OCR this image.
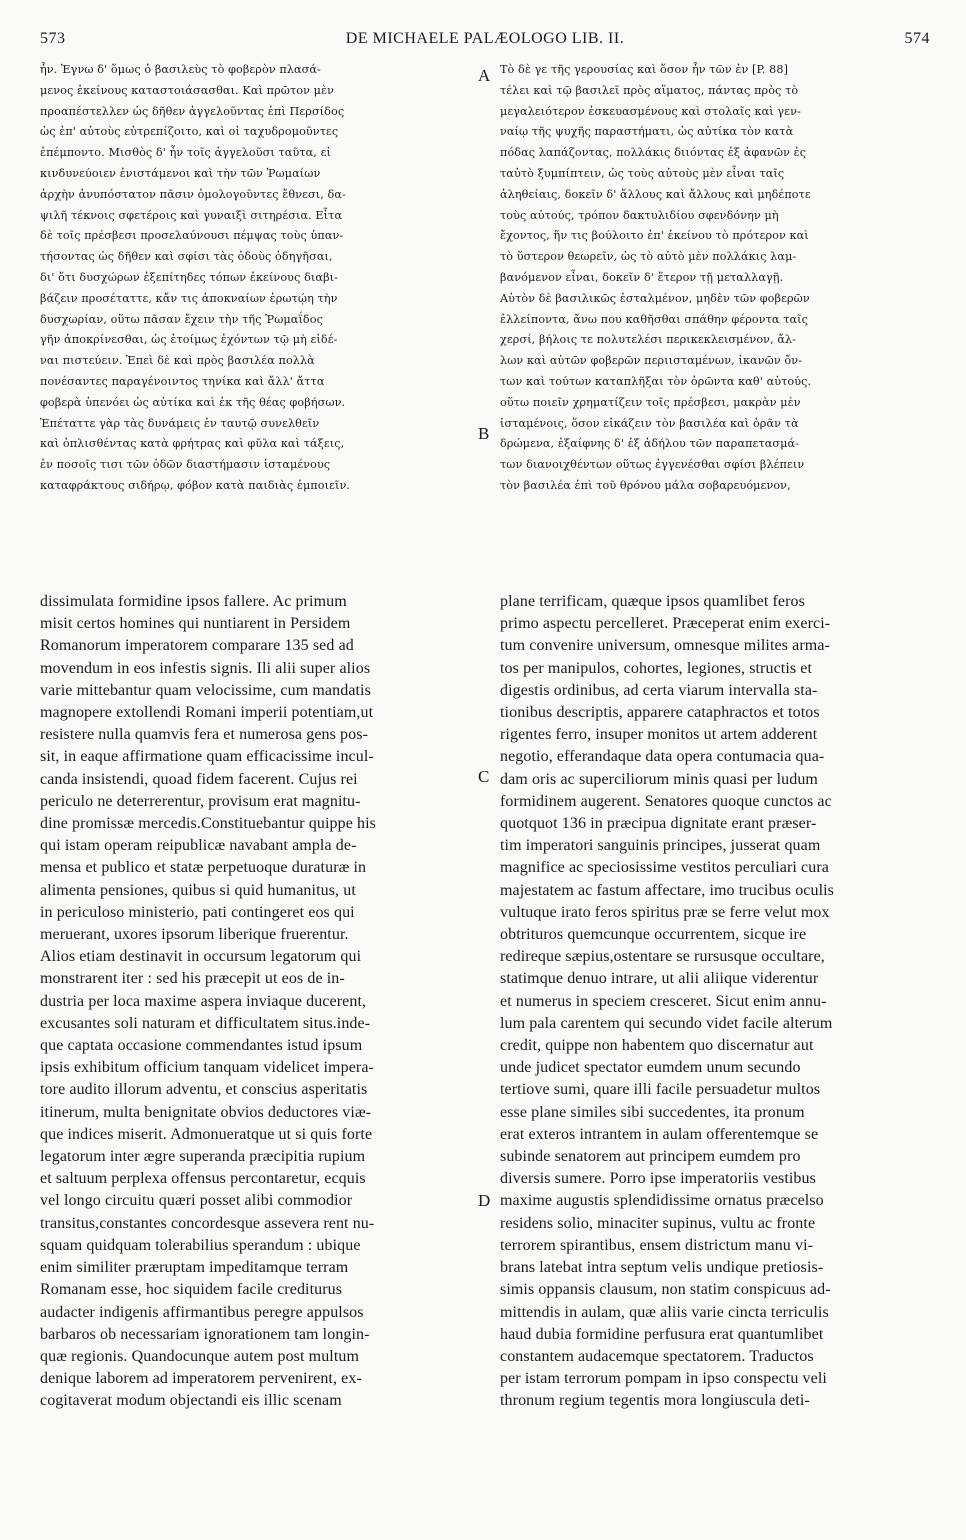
573	DE MICHAELE PALÆOLOGO LIB. II.	574
ἦν. Ἐγνω δ' ὅμως ὁ βασιλεὺς τὸ φοβερὸν πλασά-
μενος ἐκείνους καταστοιάσασθαι. Καὶ πρῶτον μὲν
προαπέστελλεν ὡς δῆθεν ἀγγελοῦντας ἐπὶ Περσίδος
ὡς ἐπ' αὐτοὺς εὐτρεπίζοιτο, καὶ οἱ ταχυδρομοῦντες
ἐπέμποντο. Μισθὸς δ' ἦν τοῖς ἀγγελοῦσι ταῦτα, εἰ
κινδυνεύοιεν ἐνιστάμενοι καὶ τὴν τῶν Ῥωμαίων
ἀρχὴν ἀνυπόστατον πᾶσιν ὁμολογοῦντες ἔθνεσι, δα-
ψιλῆ τέκνοις σφετέροις καὶ γυναιξὶ σιτηρέσια. Εἶτα
δὲ τοῖς πρέσβεσι προσελαύνουσι πέμψας τοὺς ὑπαν-
τήσοντας ὡς δῆθεν καὶ σφίσι τὰς ὁδοὺς ὁδηγῆσαι,
δι' ὅτι δυσχώρων ἐξεπίτηδες τόπων ἐκείνους διαβι-
βάζειν προσέταττε, κἄν τις ἀποκναίων ἐρωτῴη τὴν
δυσχωρίαν, οὕτω πᾶσαν ἔχειν τὴν τῆς Ῥωμαΐδος
γῆν ἀποκρίνεσθαι, ὡς ἑτοίμως ἐχόντων τῷ μὴ εἰδέ-
ναι πιστεύειν. Ἐπεὶ δὲ καὶ πρὸς βασιλέα πολλὰ
πονέσαντες παραγένοιντος τηνίκα καὶ ἄλλ' ἄττα
φοβερὰ ὑπενόει ὡς αὐτίκα καὶ ἐκ τῆς θέας φοβήσων.
Ἐπέταττε γὰρ τὰς δυνάμεις ἐν ταυτῷ συνελθεῖν
καὶ ὁπλισθέντας κατὰ φρήτρας καὶ φῦλα καὶ τάξεις,
ἐν ποσοῖς τισι τῶν ὁδῶν διαστήμασιν ἱσταμένους
καταφράκτους σιδήρῳ, φόβον κατὰ παιδιὰς ἐμποιεῖν.
Τὸ δὲ γε τῆς γερουσίας καὶ ὅσον ἦν τῶν ἐν [P. 88]
τέλει καὶ τῷ βασιλεῖ πρὸς αἵματος, πάντας πρὸς τὸ
μεγαλειότερον ἐσκευασμένους καὶ στολαῖς καὶ γεν-
ναίῳ τῆς ψυχῆς παραστήματι, ὡς αὐτίκα τὸν κατὰ
πόδας λαπάζοντας, πολλάκις διιόντας ἐξ ἀφανῶν ἐς
ταὐτὸ ξυμπίπτειν, ὡς τοὺς αὐτοὺς μὲν εἶναι ταῖς
ἀληθείαις, δοκεῖν δ' ἄλλους καὶ ἄλλους καὶ μηδέποτε
τοὺς αὐτούς, τρόπον δακτυλιδίου σφενδόνην μὴ
ἔχοντος, ἥν τις βούλοιτο ἐπ' ἐκείνου τὸ πρότερον καὶ
τὸ ὕστερον θεωρεῖν, ὡς τὸ αὐτὸ μὲν πολλάκις λαμ-
βανόμενον εἶναι, δοκεῖν δ' ἕτερον τῇ μεταλλαγῇ.
Αὐτὸν δὲ βασιλικῶς ἐσταλμένον, μηδὲν τῶν φοβερῶν
ἐλλείποντα, ἄνω που καθῆσθαι σπάθην φέροντα ταῖς
χερσί, βήλοις τε πολυτελέσι περικεκλεισμένον, ἄλ-
λων καὶ αὐτῶν φοβερῶν περιισταμένων, ἱκανῶν ὄν-
των καὶ τούτων καταπλῆξαι τὸν ὁρῶντα καθ' αὑτούς.
οὕτω ποιεῖν χρηματίζειν τοῖς πρέσβεσι, μακρὰν μὲν
ἱσταμένοις, ὅσον εἰκάζειν τὸν βασιλέα καὶ ὁρᾶν τὰ
δρώμενα, ἐξαίφνης δ' ἐξ ἀδήλου τῶν παραπετασμά-
των διανοιχθέντων οὕτως ἐγγενέσθαι σφίσι βλέπειν
τὸν βασιλέα ἐπὶ τοῦ θρόνου μάλα σοβαρευόμενον,
A
B
C
D
dissimulata formidine ipsos fallere. Ac primum
misit certos homines qui nuntiarent in Persidem
Romanorum imperatorem comparare 135 sed ad
movendum in eos infestis signis. Ili alii super alios
varie mittebantur quam velocissime, cum mandatis
magnopere extollendi Romani imperii potentiam,ut
resistere nulla quamvis fera et numerosa gens pos-
sit, in eaque affirmatione quam efficacissime incul-
canda insistendi, quoad fidem facerent. Cujus rei
periculo ne deterrerentur, provisum erat magnitu-
dine promissæ mercedis.Constituebantur quippe his
qui istam operam reipublicæ navabant ampla de-
mensa et publico et statæ perpetuoque duraturæ in
alimenta pensiones, quibus si quid humanitus, ut
in periculoso ministerio, pati contingeret eos qui
meruerant, uxores ipsorum liberique fruerentur.
Alios etiam destinavit in occursum legatorum qui
monstrarent iter : sed his præcepit ut eos de in-
dustria per loca maxime aspera inviaque ducerent,
excusantes soli naturam et difficultatem situs.inde-
que captata occasione commendantes istud ipsum
ipsis exhibitum officium tanquam videlicet impera-
tore audito illorum adventu, et conscius asperitatis
itinerum, multa benignitate obvios deductores viæ-
que indices miserit. Admonueratque ut si quis forte
legatorum inter ægre superanda præcipitia rupium
et saltuum perplexa offensus percontaretur, ecquis
vel longo circuitu quæri posset alibi commodior
transitus,constantes concordesque assevera rent nu-
squam quidquam tolerabilius sperandum : ubique
enim similiter præruptam impeditamque terram
Romanam esse, hoc siquidem facile crediturus
audacter indigenis affirmantibus peregre appulsos
barbaros ob necessariam ignorationem tam longin-
quæ regionis. Quandocunque autem post multum
denique laborem ad imperatorem pervenirent, ex-
cogitaverat modum objectandi eis illic scenam
plane terrificam, quæque ipsos quamlibet feros
primo aspectu percelleret. Præceperat enim exerci-
tum convenire universum, omnesque milites arma-
tos per manipulos, cohortes, legiones, structis et
digestis ordinibus, ad certa viarum intervalla sta-
tionibus descriptis, apparere cataphractos et totos
rigentes ferro, insuper monitos ut artem adderent
negotio, efferandaque data opera contumacia qua-
dam oris ac superciliorum minis quasi per ludum
formidinem augerent. Senatores quoque cunctos ac
quotquot 136 in præcipua dignitate erant præser-
tim imperatori sanguinis principes, jusserat quam
magnifice ac speciosissime vestitos perculiari cura
majestatem ac fastum affectare, imo trucibus oculis
vultuque irato feros spiritus præ se ferre velut mox
obtrituros quemcunque occurrentem, sicque ire
redireque sæpius,ostentare se rursusque occultare,
statimque denuo intrare, ut alii aliique viderentur
et numerus in speciem cresceret. Sicut enim annu-
lum pala carentem qui secundo videt facile alterum
credit, quippe non habentem quo discernatur aut
unde judicet spectator eumdem unum secundo
tertiove sumi, quare illi facile persuadetur multos
esse plane similes sibi succedentes, ita pronum
erat exteros intrantem in aulam offerentemque se
subinde senatorem aut principem eumdem pro
diversis sumere. Porro ipse imperatoriis vestibus
maxime augustis splendidissime ornatus præcelso
residens solio, minaciter supinus, vultu ac fronte
terrorem spirantibus, ensem districtum manu vi-
brans latebat intra septum velis undique pretiosis-
simis oppansis clausum, non statim conspicuus ad-
mittendis in aulam, quæ aliis varie cincta terriculis
haud dubia formidine perfusura erat quantumlibet
constantem audacemque spectatorem. Traductos
per istam terrorum pompam in ipso conspectu veli
thronum regium tegentis mora longiuscula deti-
